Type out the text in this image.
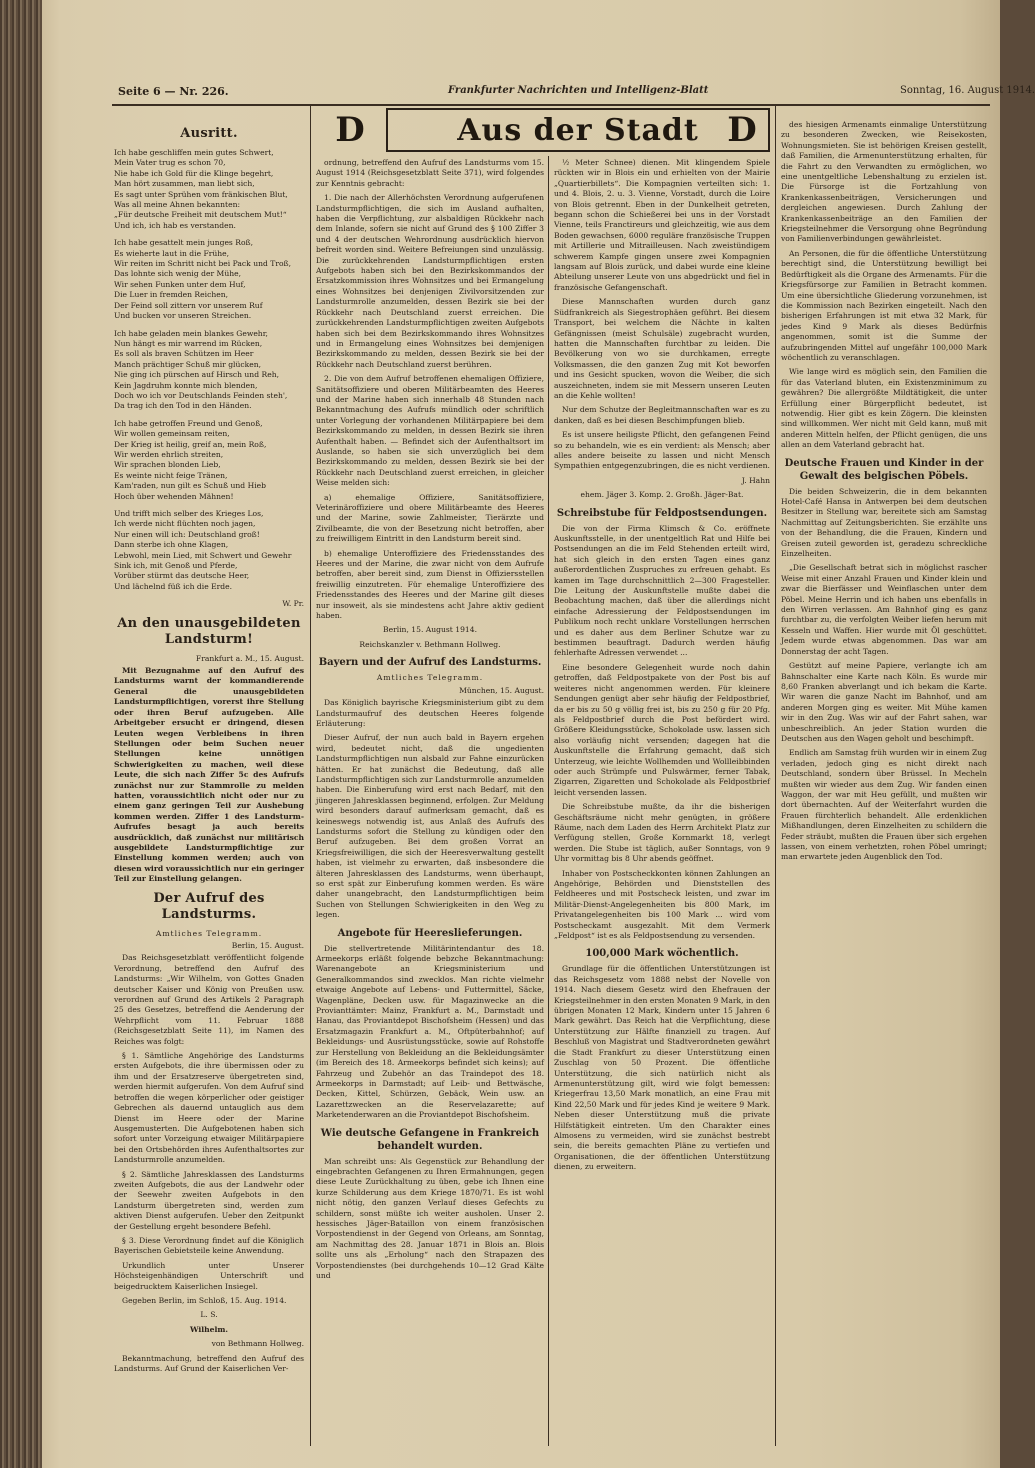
Seite 6 — Nr. 226.	Frankfurter Nachrichten und Intelligenz-Blatt	Sonntag, 16. August 1914.
D	Aus der Stadt D
Ausritt.

Ich habe geschliffen mein gutes Schwert,

Mein Vater trug es schon 70,

Nie habe ich Gold für die Klinge begehrt,

Man hört zusammen, man liebt sich,

Es sagt unter Sprühen vom fränkischen Blut,

Was all meine Ahnen bekannten:

„Für deutsche Freiheit mit deutschem Mut!“

Und ich, ich hab es verstanden.

Ich habe gesattelt mein junges Roß,

Es wieherte laut in die Frühe,

Wir reiten im Schritt nicht bei Pack und Troß,

Das lohnte sich wenig der Mühe,

Wir sehen Funken unter dem Huf,

Die Luer in fremden Reichen,

Der Feind soll zittern vor unserem Ruf

Und bucken vor unseren Streichen.

Ich habe geladen mein blankes Gewehr,

Nun hängt es mir warrend im Rücken,

Es soll als braven Schützen im Heer

Manch prächtiger Schuß mir glücken,

Nie ging ich pürschen auf Hirsch und Reh,

Kein Jagdruhm konnte mich blenden,

Doch wo ich vor Deutschlands Feinden steh',

Da trag ich den Tod in den Händen.

Ich habe getroffen Freund und Genoß,

Wir wollen gemeinsam reiten,

Der Krieg ist heilig, greif an, mein Roß,

Wir werden ehrlich streiten,

Wir sprachen blonden Lieb,

Es weinte nicht feige Tränen,

Kam'raden, nun gilt es Schuß und Hieb

Hoch über wehenden Mähnen!

Und trifft mich selber des Krieges Los,

Ich werde nicht flüchten noch jagen,

Nur einen will ich: Deutschland groß!

Dann sterbe ich ohne Klagen,

Lebwohl, mein Lied, mit Schwert und Gewehr

Sink ich, mit Genoß und Pferde,

Vorüber stürmt das deutsche Heer,

Und lächelnd füß ich die Erde.

W. Pr.

An den unausgebildeten Landsturm!

Frankfurt a. M., 15. August.

Mit Bezugnahme auf den Aufruf des Landsturms warnt der kommandierende General die unausgebildeten Landsturmpflichtigen, vorerst ihre Stellung oder ihren Beruf aufzugeben. Alle Arbeitgeber ersucht er dringend, diesen Leuten wegen Verbleibens in ihren Stellungen oder beim Suchen neuer Stellungen keine unnötigen Schwierigkeiten zu machen, weil diese Leute, die sich nach Ziffer 5c des Aufrufs zunächst nur zur Stammrolle zu melden hatten, voraussichtlich nicht oder nur zu einem ganz geringen Teil zur Aushebung kommen werden. Ziffer 1 des Landsturm-Aufrufes besagt ja auch bereits ausdrücklich, daß zunächst nur militärisch ausgebildete Landsturmpflichtige zur Einstellung kommen werden; auch von diesen wird voraussichtlich nur ein geringer Teil zur Einstellung gelangen.

Der Aufruf des Landsturms.

Amtliches Telegramm.

Berlin, 15. August.

Das Reichsgesetzblatt veröffentlicht folgende Verordnung, betreffend den Aufruf des Landsturms: „Wir Wilhelm, von Gottes Gnaden deutscher Kaiser und König von Preußen usw. verordnen auf Grund des Artikels 2 Paragraph 25 des Gesetzes, betreffend die Aenderung der Wehrpflicht vom 11. Februar 1888 (Reichsgesetzblatt Seite 11), im Namen des Reiches was folgt:

§ 1. Sämtliche Angehörige des Landsturms ersten Aufgebots, die ihre übermissen oder zu ihm und der Ersatzreserve übergetreten sind, werden hiermit aufgerufen. Von dem Aufruf sind betroffen die wegen körperlicher oder geistiger Gebrechen als dauernd untauglich aus dem Dienst im Heere oder der Marine Ausgemusterten. Die Aufgebotenen haben sich sofort unter Vorzeigung etwaiger Militärpapiere bei den Ortsbehörden ihres Aufenthaltsortes zur Landsturmrolle anzumelden.

§ 2. Sämtliche Jahresklassen des Landsturms zweiten Aufgebots, die aus der Landwehr oder der Seewehr zweiten Aufgebots in den Landsturm übergetreten sind, werden zum aktiven Dienst aufgerufen. Ueber den Zeitpunkt der Gestellung ergeht besondere Befehl.

§ 3. Diese Verordnung findet auf die Königlich Bayerischen Gebietsteile keine Anwendung.

Urkundlich unter Unserer Höchsteigenhändigen Unterschrift und beigedrucktem Kaiserlichen Insiegel.

Gegeben Berlin, im Schloß, 15. Aug. 1914.

L. S.

Wilhelm.

von Bethmann Hollweg.

Bekanntmachung, betreffend den Aufruf des Landsturms. Auf Grund der Kaiserlichen Ver-

ordnung, betreffend den Aufruf des Landsturms vom 15. August 1914 (Reichsgesetzblatt Seite 371), wird folgendes zur Kenntnis gebracht:

1. Die nach der Allerhöchsten Verordnung aufgerufenen Landsturmpflichtigen, die sich im Ausland aufhalten, haben die Verpflichtung, zur alsbaldigen Rückkehr nach dem Inlande, sofern sie nicht auf Grund des § 100 Ziffer 3 und 4 der deutschen Wehrordnung ausdrücklich hiervon befreit worden sind. Weitere Befreiungen sind unzulässig. Die zurückkehrenden Landsturmpflichtigen ersten Aufgebots haben sich bei den Bezirkskommandos der Ersatzkommission ihres Wohnsitzes und bei Ermangelung eines Wohnsitzes bei denjenigen Zivilvorsitzenden zur Landsturmrolle anzumelden, dessen Bezirk sie bei der Rückkehr nach Deutschland zuerst erreichen. Die zurückkehrenden Landsturmpflichtigen zweiten Aufgebots haben sich bei dem Bezirkskommando ihres Wohnsitzes und in Ermangelung eines Wohnsitzes bei demjenigen Bezirkskommando zu melden, dessen Bezirk sie bei der Rückkehr nach Deutschland zuerst berühren.

2. Die von dem Aufruf betroffenen ehemaligen Offiziere, Sanitätsoffiziere und oberen Militärbeamten des Heeres und der Marine haben sich innerhalb 48 Stunden nach Bekanntmachung des Aufrufs mündlich oder schriftlich unter Vorlegung der vorhandenen Militärpapiere bei dem Bezirkskommando zu melden, in dessen Bezirk sie ihren Aufenthalt haben. — Befindet sich der Aufenthaltsort im Auslande, so haben sie sich unverzüglich bei dem Bezirkskommando zu melden, dessen Bezirk sie bei der Rückkehr nach Deutschland zuerst erreichen, in gleicher Weise melden sich:

a) ehemalige Offiziere, Sanitätsoffiziere, Veterinäroffiziere und obere Militärbeamte des Heeres und der Marine, sowie Zahlmeister, Tierärzte und Zivilbeamte, die von der Besetzung nicht betroffen, aber zu freiwilligem Eintritt in den Landsturm bereit sind.

b) ehemalige Unteroffiziere des Friedensstandes des Heeres und der Marine, die zwar nicht von dem Aufrufe betroffen, aber bereit sind, zum Dienst in Offiziersstellen freiwillig einzutreten. Für ehemalige Unteroffiziere des Friedensstandes des Heeres und der Marine gilt dieses nur insoweit, als sie mindestens acht Jahre aktiv gedient haben.

Berlin, 15. August 1914.

Reichskanzler v. Bethmann Hollweg.

Bayern und der Aufruf des Landsturms.

Amtliches Telegramm.

München, 15. August.

Das Königlich bayrische Kriegsministerium gibt zu dem Landsturmaufruf des deutschen Heeres folgende Erläuterung:

Dieser Aufruf, der nun auch bald in Bayern ergehen wird, bedeutet nicht, daß die ungedienten Landsturmpflichtigen nun alsbald zur Fahne einzurücken hätten. Er hat zunächst die Bedeutung, daß alle Landsturmpflichtigen sich zur Landsturmrolle anzumelden haben. Die Einberufung wird erst nach Bedarf, mit den jüngeren Jahresklassen beginnend, erfolgen. Zur Meldung wird besonders darauf aufmerksam gemacht, daß es keineswegs notwendig ist, aus Anlaß des Aufrufs des Landsturms sofort die Stellung zu kündigen oder den Beruf aufzugeben. Bei dem großen Vorrat an Kriegsfreiwilligen, die sich der Heeresverwaltung gestellt haben, ist vielmehr zu erwarten, daß insbesondere die älteren Jahresklassen des Landsturms, wenn überhaupt, so erst spät zur Einberufung kommen werden. Es wäre daher unangebracht, den Landsturmpflichtigen beim Suchen von Stellungen Schwierigkeiten in den Weg zu legen.

Angebote für Heereslieferungen.

Die stellvertretende Militärintendantur des 18. Armeekorps erläßt folgende bebzche Bekanntmachung: Warenangebote an Kriegsministerium und Generalkommandos sind zwecklos. Man richte vielmehr etwaige Angebote auf Lebens- und Futtermittel, Säcke, Wagenpläne, Decken usw. für Magazinwecke an die Provianttämter: Mainz, Frankfurt a. M., Darmstadt und Hanau, das Proviantdepot Bischofsheim (Hessen) und das Ersatzmagazin Frankfurt a. M., Oftpüterbahnhof; auf Bekleidungs- und Ausrüstungsstücke, sowie auf Rohstoffe zur Herstellung von Bekleidung an die Bekleidungsämter (im Bereich des 18. Armeekorps befindet sich keins); auf Fahrzeug und Zubehör an das Traindepot des 18. Armeekorps in Darmstadt; auf Leib- und Bettwäsche, Decken, Kittel, Schürzen, Gebäck, Wein usw. an Lazarettzwecken an die Reservelazarette; auf Marketenderwaren an die Proviantdepot Bischofsheim.

Wie deutsche Gefangene in Frankreich behandelt wurden.

Man schreibt uns: Als Gegenstück zur Behandlung der eingebrachten Gefangenen zu Ihren Ermahnungen, gegen diese Leute Zurückhaltung zu üben, gebe ich Ihnen eine kurze Schilderung aus dem Kriege 1870/71. Es ist wohl nicht nötig, den ganzen Verlauf dieses Gefechts zu schildern, sonst müßte ich weiter ausholen. Unser 2. hessisches Jäger-Bataillon von einem französischen Vorpostendienst in der Gegend von Orleans, am Sonntag, am Nachmittag des 28. Januar 1871 in Blois an. Blois sollte uns als „Erholung“ nach den Strapazen des Vorpostendienstes (bei durchgehends 10—12 Grad Kälte und

½ Meter Schnee) dienen. Mit klingendem Spiele rückten wir in Blois ein und erhielten von der Mairie „Quartierbillets“. Die Kompagnien verteilten sich: 1. und 4. Blois, 2. u. 3. Vienne, Vorstadt, durch die Loire von Blois getrennt. Eben in der Dunkelheit getreten, begann schon die Schießerei bei uns in der Vorstadt Vienne, teils Franctireurs und gleichzeitig, wie aus dem Boden gewachsen, 6000 reguläre französische Truppen mit Artillerie und Mitrailleusen. Nach zweistündigem schwerem Kampfe gingen unsere zwei Kompagnien langsam auf Blois zurück, und dabei wurde eine kleine Abteilung unserer Leute von uns abgedrückt und fiel in französische Gefangenschaft.

Diese Mannschaften wurden durch ganz Südfrankreich als Siegestrophäen geführt. Bei diesem Transport, bei welchem die Nächte in kalten Gefängnissen (meist Schulsäle) zugebracht wurden, hatten die Mannschaften furchtbar zu leiden. Die Bevölkerung von wo sie durchkamen, erregte Volksmassen, die den ganzen Zug mit Kot beworfen und ins Gesicht spucken, wovon die Weiber, die sich auszeichneten, indem sie mit Messern unseren Leuten an die Kehle wollten!

Nur dem Schutze der Begleitmannschaften war es zu danken, daß es bei diesen Beschimpfungen blieb.

Es ist unsere heiligste Pflicht, den gefangenen Feind so zu behandeln, wie es ein verdient: als Mensch; aber alles andere beiseite zu lassen und nicht Mensch Sympathien entgegenzubringen, die es nicht verdienen.

J. Hahn

ehem. Jäger 3. Komp. 2. Großh. Jäger-Bat.

Schreibstube für Feldpostsendungen.

Die von der Firma Klimsch & Co. eröffnete Auskunftsstelle, in der unentgeltlich Rat und Hilfe bei Postsendungen an die im Feld Stehenden erteilt wird, hat sich gleich in den ersten Tagen eines ganz außerordentlichen Zuspruches zu erfreuen gehabt. Es kamen im Tage durchschnittlich 2—300 Fragesteller. Die Leitung der Auskunftstelle mußte dabei die Beobachtung machen, daß über die allerdings nicht einfache Adressierung der Feldpostsendungen im Publikum noch recht unklare Vorstellungen herrschen und es daher aus dem Berliner Schutze war zu bestimmen beauftragt. Dadurch werden häufig fehlerhafte Adressen verwendet ...

Eine besondere Gelegenheit wurde noch dahin getroffen, daß Feldpostpakete von der Post bis auf weiteres nicht angenommen werden. Für kleinere Sendungen genügt aber sehr häufig der Feldpostbrief, da er bis zu 50 g völlig frei ist, bis zu 250 g für 20 Pfg. als Feldpostbrief durch die Post befördert wird. Größere Kleidungsstücke, Schokolade usw. lassen sich also vorläufig nicht versenden; dagegen hat die Auskunftstelle die Erfahrung gemacht, daß sich Unterzeug, wie leichte Wollhemden und Wollleibbinden oder auch Strümpfe und Pulswärmer, ferner Tabak, Zigarren, Zigaretten und Schokolade als Feldpostbrief leicht versenden lassen.

Die Schreibstube mußte, da ihr die bisherigen Geschäftsräume nicht mehr genügten, in größere Räume, nach dem Laden des Herrn Architekt Platz zur Verfügung stellen, Große Kornmarkt 18, verlegt werden. Die Stube ist täglich, außer Sonntags, von 9 Uhr vormittag bis 8 Uhr abends geöffnet.

Inhaber von Postscheckkonten können Zahlungen an Angehörige, Behörden und Dienststellen des Feldheeres und mit Postscheck leisten, und zwar im Militär-Dienst-Angelegenheiten bis 800 Mark, im Privatangelegenheiten bis 100 Mark ... wird vom Postscheckamt ausgezahlt. Mit dem Vermerk „Feldpost“ ist es als Feldpostsendung zu versenden.

100,000 Mark wöchentlich.

Grundlage für die öffentlichen Unterstützungen ist das Reichsgesetz vom 1888 nebst der Novelle von 1914. Nach diesem Gesetz wird den Ehefrauen der Kriegsteilnehmer in den ersten Monaten 9 Mark, in den übrigen Monaten 12 Mark, Kindern unter 15 Jahren 6 Mark gewährt. Das Reich hat die Verpflichtung, diese Unterstützung zur Hälfte finanziell zu tragen. Auf Beschluß von Magistrat und Stadtverordneten gewährt die Stadt Frankfurt zu dieser Unterstützung einen Zuschlag von 50 Prozent. Die öffentliche Unterstützung, die sich natürlich nicht als Armenunterstützung gilt, wird wie folgt bemessen: Kriegerfrau 13,50 Mark monatlich, an eine Frau mit Kind 22,50 Mark und für jedes Kind je weitere 9 Mark. Neben dieser Unterstützung muß die private Hilfstätigkeit eintreten. Um den Charakter eines Almosens zu vermeiden, wird sie zunächst bestrebt sein, die bereits gemachten Pläne zu vertiefen und Organisationen, die der öffentlichen Unterstützung dienen, zu erweitern.

des hiesigen Armenamts einmalige Unterstützung zu besonderen Zwecken, wie Reisekosten, Wohnungsmieten. Sie ist behörigen Kreisen gestellt, daß Familien, die Armenunterstützung erhalten, für die Fahrt zu den Verwandten zu ermöglichen, wo eine unentgeltliche Lebenshaltung zu erzielen ist. Die Fürsorge ist die Fortzahlung von Krankenkassenbeiträgen, Versicherungen und dergleichen angewiesen. Durch Zahlung der Krankenkassenbeiträge an den Familien der Kriegsteilnehmer die Versorgung ohne Begründung von Familienverbindungen gewährleistet.

An Personen, die für die öffentliche Unterstützung berechtigt sind, die Unterstützung bewilligt bei Bedürftigkeit als die Organe des Armenamts. Für die Kriegsfürsorge zur Familien in Betracht kommen. Um eine übersichtliche Gliederung vorzunehmen, ist die Kommission nach Bezirken eingeteilt. Nach den bisherigen Erfahrungen ist mit etwa 32 Mark, für jedes Kind 9 Mark als dieses Bedürfnis angenommen, somit ist die Summe der aufzubringenden Mittel auf ungefähr 100,000 Mark wöchentlich zu veranschlagen.

Wie lange wird es möglich sein, den Familien die für das Vaterland bluten, ein Existenzminimum zu gewähren? Die allergrößte Mildtätigkeit, die unter Erfüllung einer Bürgerpflicht bedeutet, ist notwendig. Hier gibt es kein Zögern. Die kleinsten sind willkommen. Wer nicht mit Geld kann, muß mit anderen Mitteln helfen, der Pflicht genügen, die uns allen an dem Vaterland gebracht hat.

Deutsche Frauen und Kinder in der Gewalt des belgischen Pöbels.

Die beiden Schweizerin, die in dem bekannten Hotel-Café Hansa in Antwerpen bei dem deutschen Besitzer in Stellung war, bereitete sich am Samstag Nachmittag auf Zeitungsberichten. Sie erzählte uns von der Behandlung, die die Frauen, Kindern und Greisen zuteil geworden ist, geradezu schreckliche Einzelheiten.

„Die Gesellschaft betrat sich in möglichst rascher Weise mit einer Anzahl Frauen und Kinder klein und zwar die Bierfässer und Weinflaschen unter dem Pöbel. Meine Herrin und ich haben uns ebenfalls in den Wirren verlassen. Am Bahnhof ging es ganz furchtbar zu, die verfolgten Weiber liefen herum mit Kesseln und Waffen. Hier wurde mit Öl geschüttet. Jedem wurde etwas abgenommen. Das war am Donnerstag der acht Tagen.

Gestützt auf meine Papiere, verlangte ich am Bahnschalter eine Karte nach Köln. Es wurde mir 8,60 Franken abverlangt und ich bekam die Karte. Wir waren die ganze Nacht im Bahnhof, und am anderen Morgen ging es weiter. Mit Mühe kamen wir in den Zug. Was wir auf der Fahrt sahen, war unbeschreiblich. An jeder Station wurden die Deutschen aus den Wagen geholt und beschimpft.

Endlich am Samstag früh wurden wir in einem Zug verladen, jedoch ging es nicht direkt nach Deutschland, sondern über Brüssel. In Mecheln mußten wir wieder aus dem Zug. Wir fanden einen Waggon, der war mit Heu gefüllt, und mußten wir dort übernachten. Auf der Weiterfahrt wurden die Frauen fürchterlich behandelt. Alle erdenklichen Mißhandlungen, deren Einzelheiten zu schildern die Feder sträubt, mußten die Frauen über sich ergehen lassen, von einem verhetzten, rohen Pöbel umringt; man erwartete jeden Augenblick den Tod.
